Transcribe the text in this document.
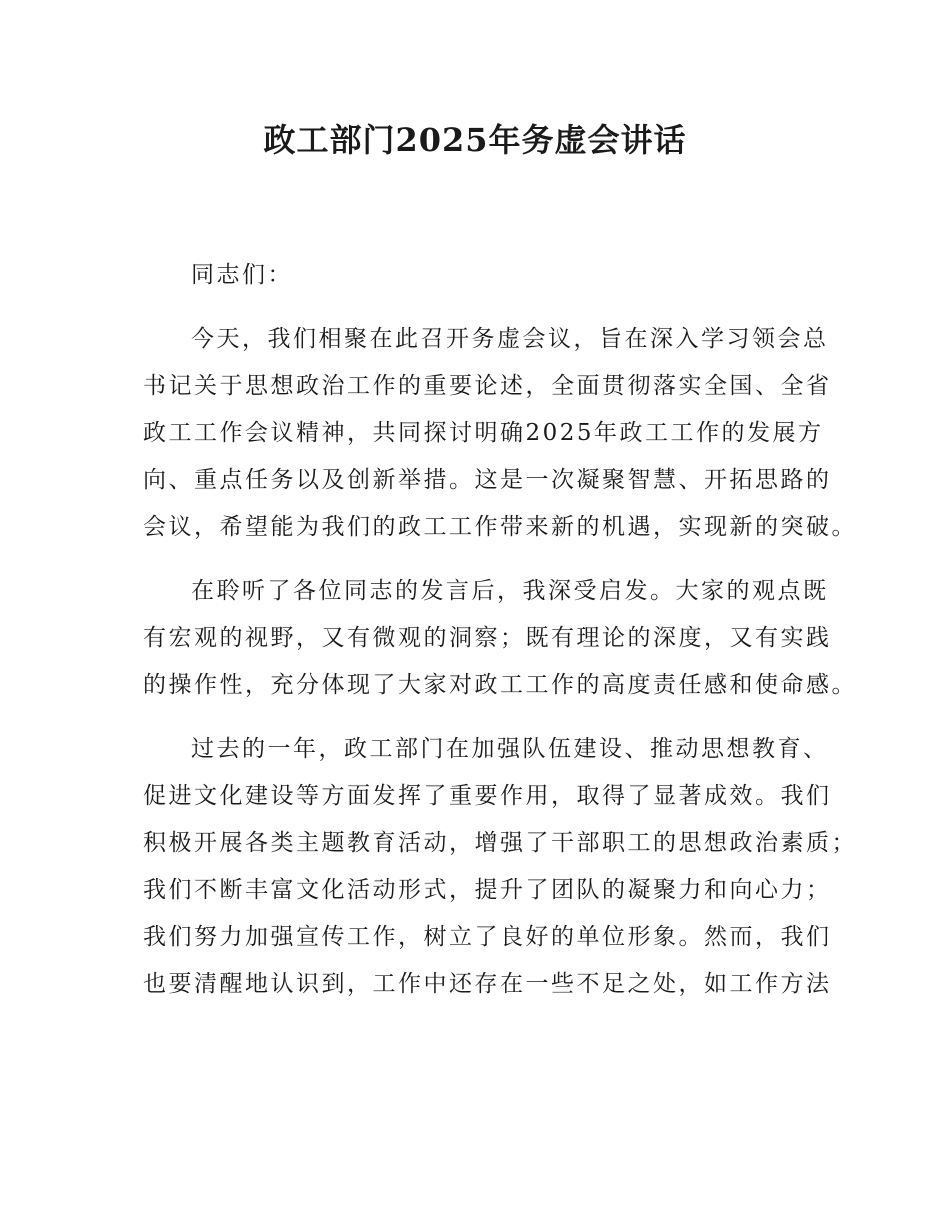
政工部门2025年务虚会讲话

同志们：

今天，我们相聚在此召开务虚会议，旨在深入学习领会总
书记关于思想政治工作的重要论述，全面贯彻落实全国、全省
政工工作会议精神，共同探讨明确2025年政工工作的发展方
向、重点任务以及创新举措。这是一次凝聚智慧、开拓思路的
会议，希望能为我们的政工工作带来新的机遇，实现新的突破。

在聆听了各位同志的发言后，我深受启发。大家的观点既
有宏观的视野，又有微观的洞察；既有理论的深度，又有实践
的操作性，充分体现了大家对政工工作的高度责任感和使命感。

过去的一年，政工部门在加强队伍建设、推动思想教育、
促进文化建设等方面发挥了重要作用，取得了显著成效。我们
积极开展各类主题教育活动，增强了干部职工的思想政治素质；
我们不断丰富文化活动形式，提升了团队的凝聚力和向心力；
我们努力加强宣传工作，树立了良好的单位形象。然而，我们
也要清醒地认识到，工作中还存在一些不足之处，如工作方法
